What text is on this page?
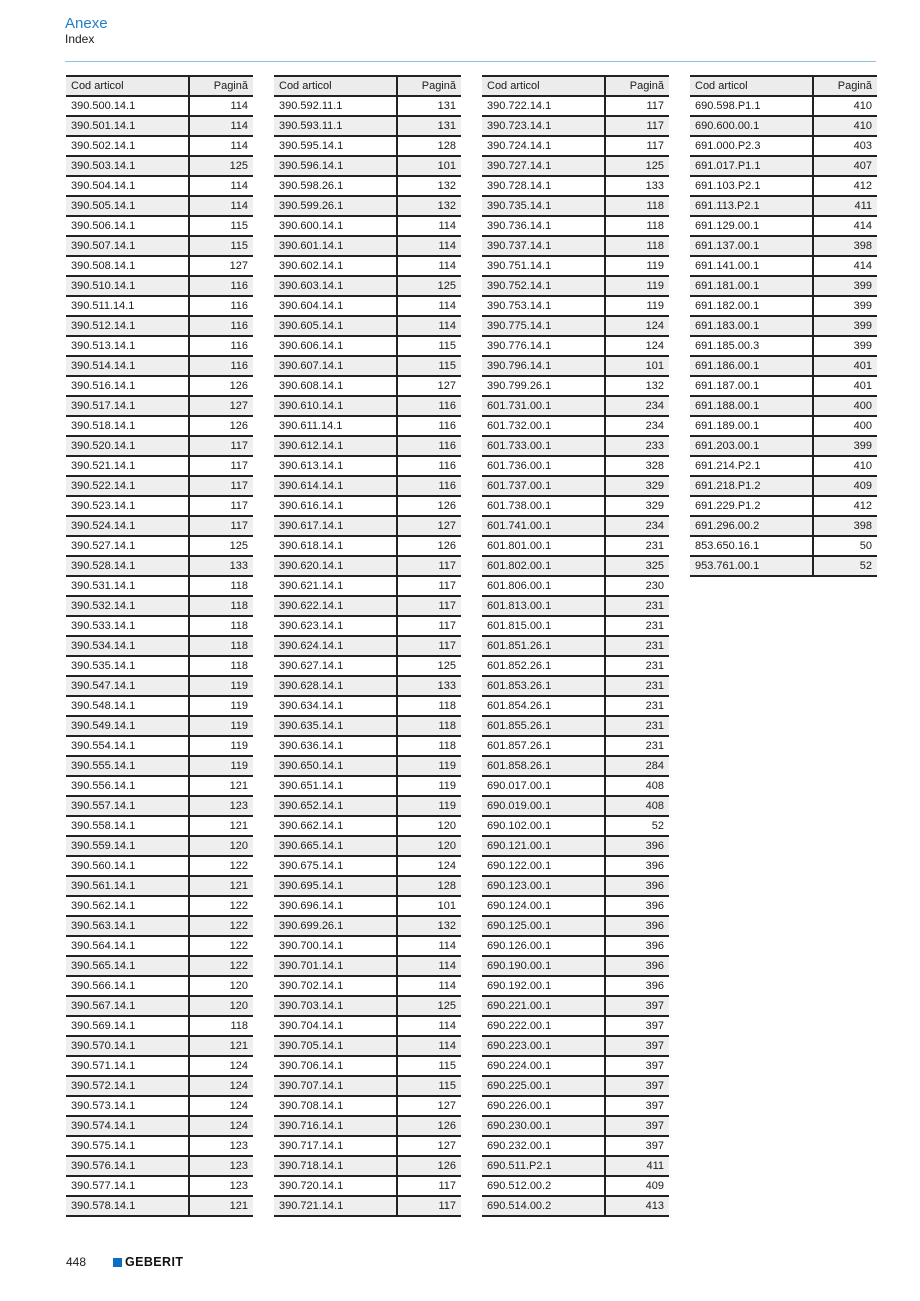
Anexe
Index
Cod articol	Pagină
390.500.14.1	114
390.501.14.1	114
390.502.14.1	114
390.503.14.1	125
390.504.14.1	114
390.505.14.1	114
390.506.14.1	115
390.507.14.1	115
390.508.14.1	127
390.510.14.1	116
390.511.14.1	116
390.512.14.1	116
390.513.14.1	116
390.514.14.1	116
390.516.14.1	126
390.517.14.1	127
390.518.14.1	126
390.520.14.1	117
390.521.14.1	117
390.522.14.1	117
390.523.14.1	117
390.524.14.1	117
390.527.14.1	125
390.528.14.1	133
390.531.14.1	118
390.532.14.1	118
390.533.14.1	118
390.534.14.1	118
390.535.14.1	118
390.547.14.1	119
390.548.14.1	119
390.549.14.1	119
390.554.14.1	119
390.555.14.1	119
390.556.14.1	121
390.557.14.1	123
390.558.14.1	121
390.559.14.1	120
390.560.14.1	122
390.561.14.1	121
390.562.14.1	122
390.563.14.1	122
390.564.14.1	122
390.565.14.1	122
390.566.14.1	120
390.567.14.1	120
390.569.14.1	118
390.570.14.1	121
390.571.14.1	124
390.572.14.1	124
390.573.14.1	124
390.574.14.1	124
390.575.14.1	123
390.576.14.1	123
390.577.14.1	123
390.578.14.1	121
Cod articol	Pagină
390.592.11.1	131
390.593.11.1	131
390.595.14.1	128
390.596.14.1	101
390.598.26.1	132
390.599.26.1	132
390.600.14.1	114
390.601.14.1	114
390.602.14.1	114
390.603.14.1	125
390.604.14.1	114
390.605.14.1	114
390.606.14.1	115
390.607.14.1	115
390.608.14.1	127
390.610.14.1	116
390.611.14.1	116
390.612.14.1	116
390.613.14.1	116
390.614.14.1	116
390.616.14.1	126
390.617.14.1	127
390.618.14.1	126
390.620.14.1	117
390.621.14.1	117
390.622.14.1	117
390.623.14.1	117
390.624.14.1	117
390.627.14.1	125
390.628.14.1	133
390.634.14.1	118
390.635.14.1	118
390.636.14.1	118
390.650.14.1	119
390.651.14.1	119
390.652.14.1	119
390.662.14.1	120
390.665.14.1	120
390.675.14.1	124
390.695.14.1	128
390.696.14.1	101
390.699.26.1	132
390.700.14.1	114
390.701.14.1	114
390.702.14.1	114
390.703.14.1	125
390.704.14.1	114
390.705.14.1	114
390.706.14.1	115
390.707.14.1	115
390.708.14.1	127
390.716.14.1	126
390.717.14.1	127
390.718.14.1	126
390.720.14.1	117
390.721.14.1	117
Cod articol	Pagină
390.722.14.1	117
390.723.14.1	117
390.724.14.1	117
390.727.14.1	125
390.728.14.1	133
390.735.14.1	118
390.736.14.1	118
390.737.14.1	118
390.751.14.1	119
390.752.14.1	119
390.753.14.1	119
390.775.14.1	124
390.776.14.1	124
390.796.14.1	101
390.799.26.1	132
601.731.00.1	234
601.732.00.1	234
601.733.00.1	233
601.736.00.1	328
601.737.00.1	329
601.738.00.1	329
601.741.00.1	234
601.801.00.1	231
601.802.00.1	325
601.806.00.1	230
601.813.00.1	231
601.815.00.1	231
601.851.26.1	231
601.852.26.1	231
601.853.26.1	231
601.854.26.1	231
601.855.26.1	231
601.857.26.1	231
601.858.26.1	284
690.017.00.1	408
690.019.00.1	408
690.102.00.1	52
690.121.00.1	396
690.122.00.1	396
690.123.00.1	396
690.124.00.1	396
690.125.00.1	396
690.126.00.1	396
690.190.00.1	396
690.192.00.1	396
690.221.00.1	397
690.222.00.1	397
690.223.00.1	397
690.224.00.1	397
690.225.00.1	397
690.226.00.1	397
690.230.00.1	397
690.232.00.1	397
690.511.P2.1	411
690.512.00.2	409
690.514.00.2	413
Cod articol	Pagină
690.598.P1.1	410
690.600.00.1	410
691.000.P2.3	403
691.017.P1.1	407
691.103.P2.1	412
691.113.P2.1	411
691.129.00.1	414
691.137.00.1	398
691.141.00.1	414
691.181.00.1	399
691.182.00.1	399
691.183.00.1	399
691.185.00.3	399
691.186.00.1	401
691.187.00.1	401
691.188.00.1	400
691.189.00.1	400
691.203.00.1	399
691.214.P2.1	410
691.218.P1.2	409
691.229.P1.2	412
691.296.00.2	398
853.650.16.1	50
953.761.00.1	52
448	GEBERIT
